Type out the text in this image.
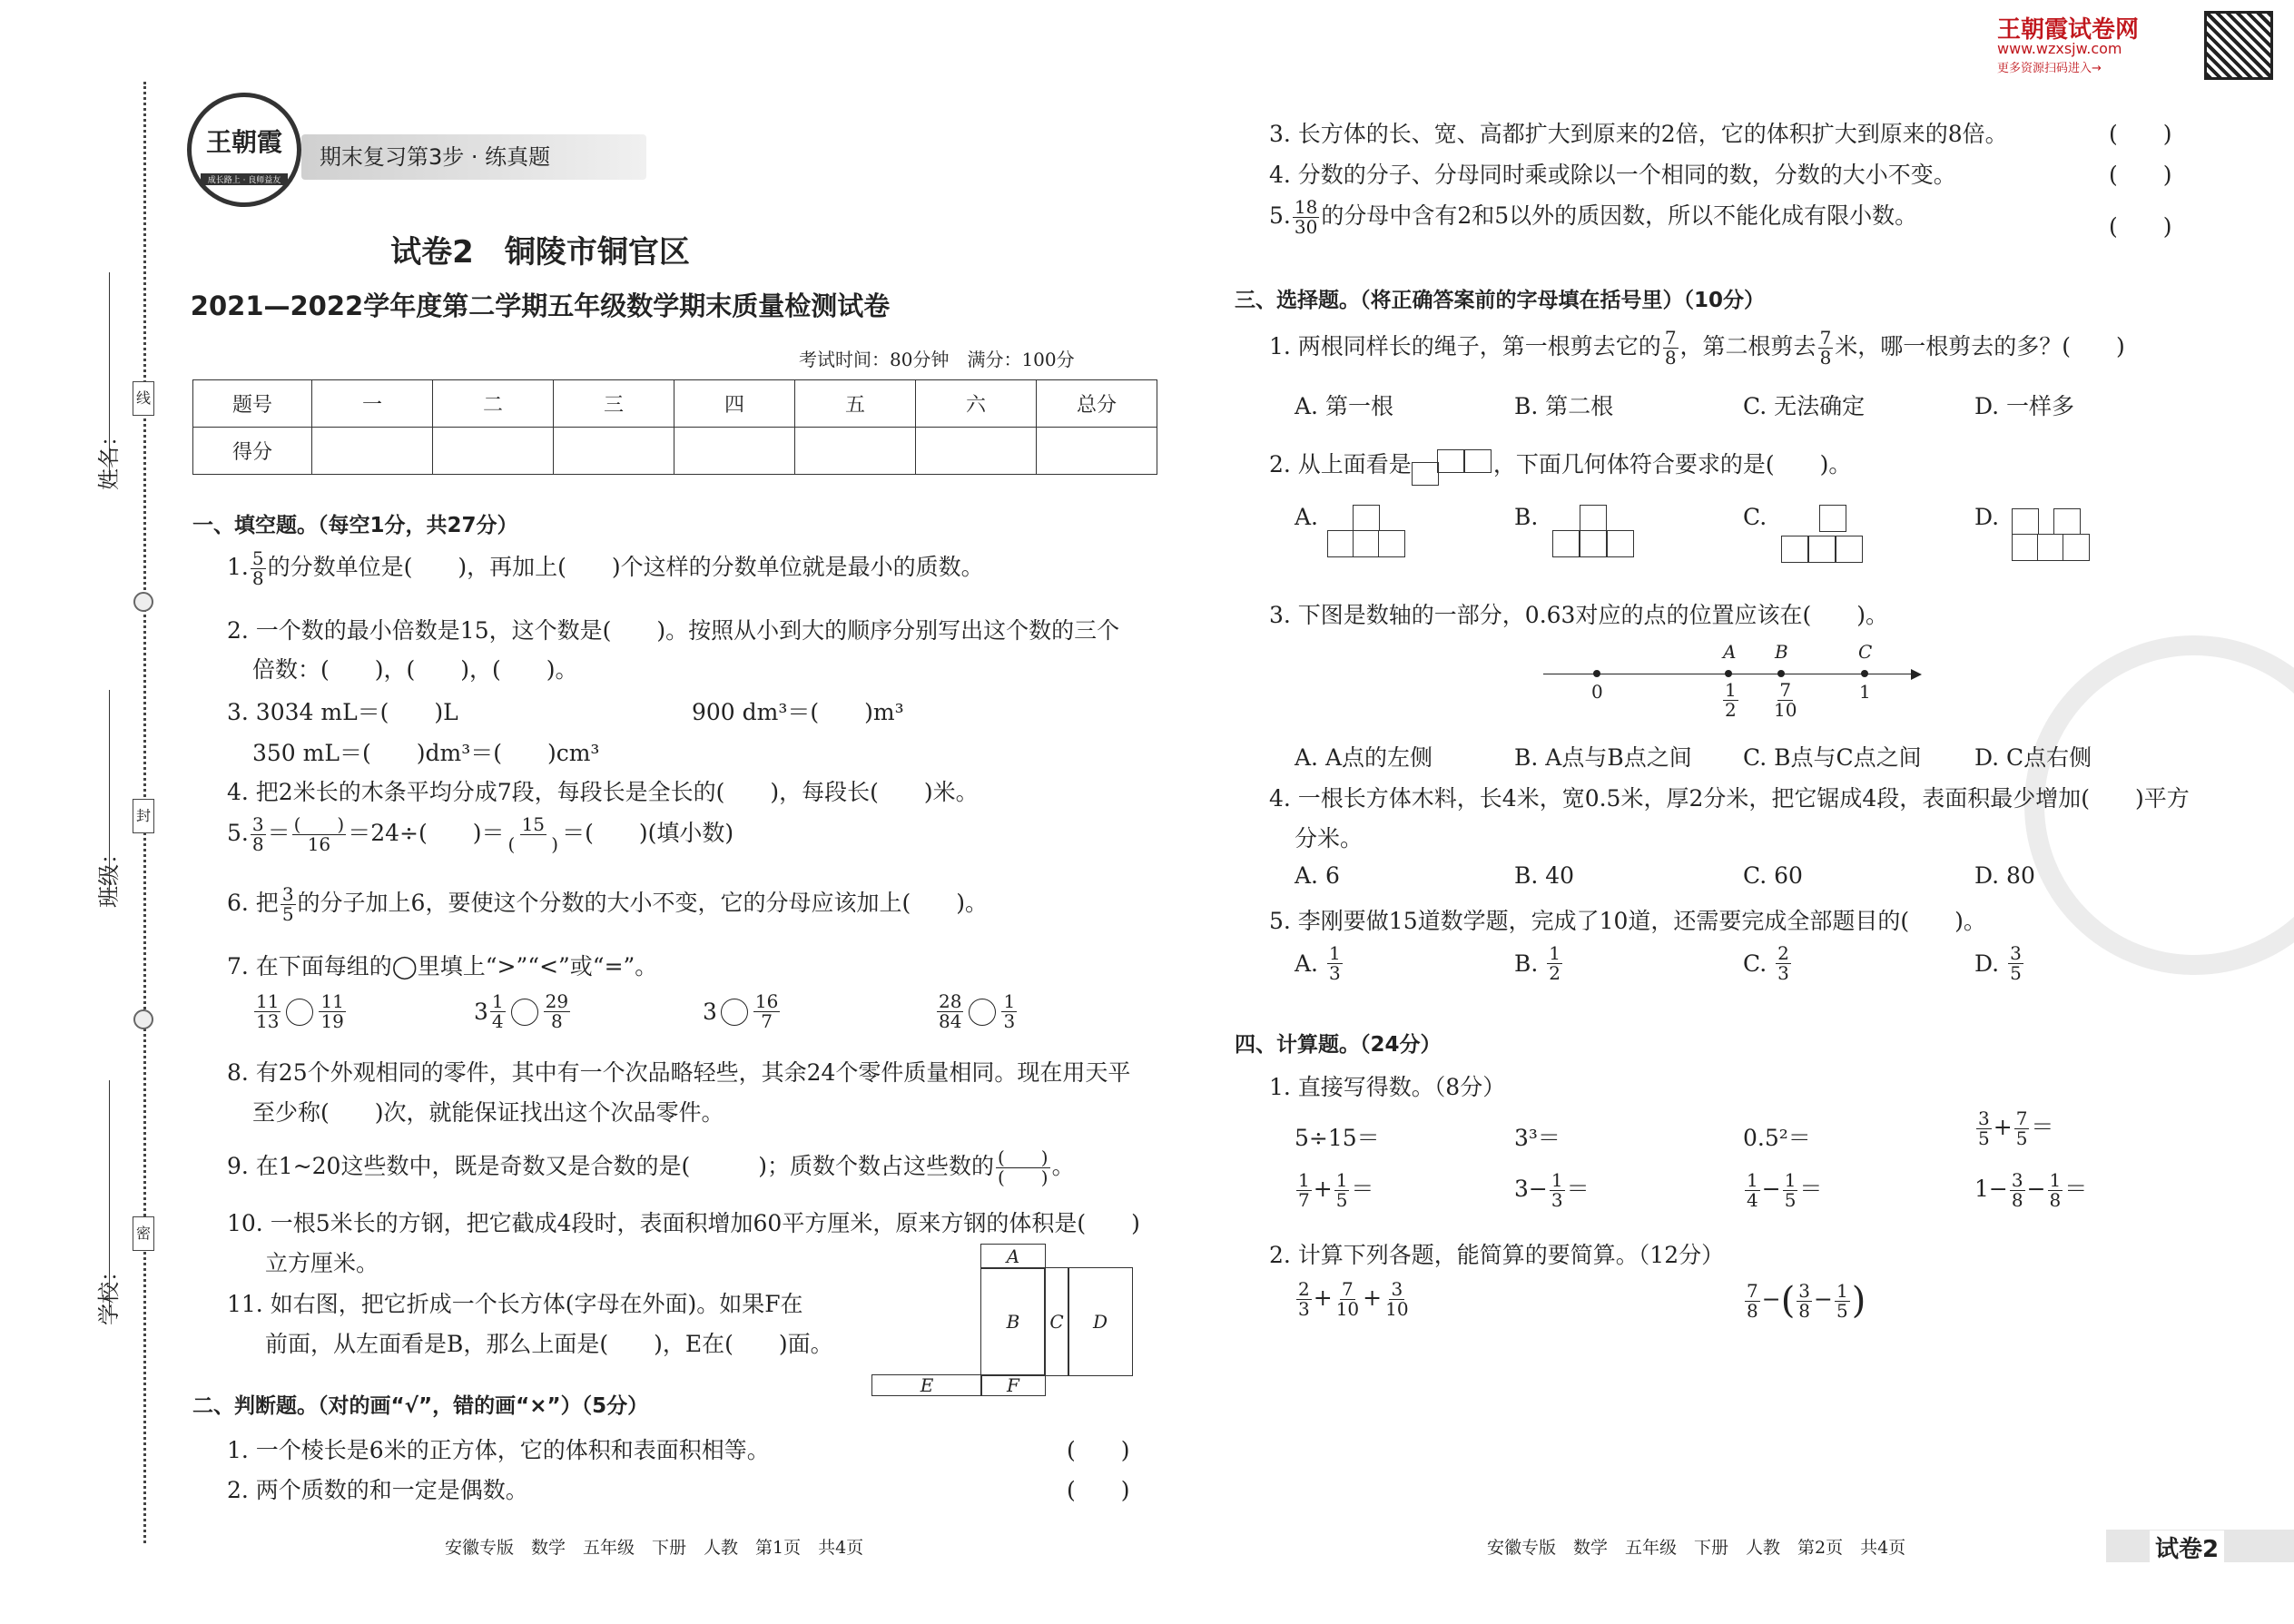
线
封
密
姓名：
班级：
学校：
王朝霞
成长路上 · 良师益友
期末复习第3步 · 练真题
王朝霞试卷网
www.wzxsjw.com
更多资源扫码进入→
试卷2　铜陵市铜官区
2021—2022学年度第二学期五年级数学期末质量检测试卷
考试时间：80分钟　满分：100分
题号	一	二	三	四	五	六	总分
得分							
一、填空题。（每空1分，共27分）
1. $\frac{5}{8}$ 的分数单位是(　　)，再加上(　　)个这样的分数单位就是最小的质数。
2. 一个数的最小倍数是15，这个数是(　　)。按照从小到大的顺序分别写出这个数的三个
倍数：(　　)，(　　)，(　　)。
3. 3034 mL＝(　　)L	900 dm³＝(　　)m³
350 mL＝(　　)dm³＝(　　)cm³
4. 把2米长的木条平均分成7段，每段长是全长的(　　)，每段长(　　)米。
5. $\frac{3}{8} = \frac{( )}{16} =24\div$(　　)＝ $\frac{15}{( )}$ ＝(　　)(填小数)
6. 把 $\frac{3}{5}$ 的分子加上6，要使这个分数的大小不变，它的分母应该加上(　　)。
7. 在下面每组的◯里填上“>”“<”或“=”。
$\frac{11}{13} \frac{11}{19}$	$3 \frac{1}{4} \frac{29}{8}$	$3 \frac{16}{7}$	$\frac{28}{84} \frac{1}{3}$
8. 有25个外观相同的零件，其中有一个次品略轻些，其余24个零件质量相同。现在用天平
至少称(　　)次，就能保证找出这个次品零件。
9. 在1~20这些数中，既是奇数又是合数的是(　　　)；质数个数占这些数的 $\frac{( )}{( )}$ 。
10. 一根5米长的方钢，把它截成4段时，表面积增加60平方厘米，原来方钢的体积是(　　)
立方厘米。
11. 如右图，把它折成一个长方体(字母在外面)。如果F在
前面，从左面看是B，那么上面是(　　)，E在(　　)面。
A
B	C	D
E	F
二、判断题。（对的画“√”，错的画“×”）（5分）
1. 一个棱长是6米的正方体，它的体积和表面积相等。	(　　)
2. 两个质数的和一定是偶数。	(　　)
3. 长方体的长、宽、高都扩大到原来的2倍，它的体积扩大到原来的8倍。	(　　)
4. 分数的分子、分母同时乘或除以一个相同的数，分数的大小不变。	(　　)
5. $\frac{18}{30}$ 的分母中含有2和5以外的质因数，所以不能化成有限小数。	(　　)
三、选择题。（将正确答案前的字母填在括号里）（10分）
1. 两根同样长的绳子，第一根剪去它的 $\frac{7}{8}$ ，第二根剪去 $\frac{7}{8}$ 米，哪一根剪去的多？(　　)
A. 第一根	B. 第二根	C. 无法确定	D. 一样多
2. 从上面看是	，下面几何体符合要求的是(　　)。
A.	B.	C.	D.
3. 下图是数轴的一部分，0.63对应的点的位置应该在(　　)。
A B	C
0	$\frac{1}{2} \frac{7}{10}$	1
A. A点的左侧	B. A点与B点之间 C. B点与C点之间 D. C点右侧
4. 一根长方体木料，长4米，宽0.5米，厚2分米，把它锯成4段，表面积最少增加(　　)平方
分米。
A. 6	B. 40	C. 60	D. 80
5. 李刚要做15道数学题，完成了10道，还需要完成全部题目的(　　)。
A. $\frac{1}{3}$	B. $\frac{1}{2}$	C. $\frac{2}{3}$	D. $\frac{3}{5}$
四、计算题。（24分）
1. 直接写得数。（8分）
5÷15＝	3³＝	0.5²＝	$\frac{3}{5} + \frac{7}{5}$ ＝
$\frac{1}{7} + \frac{1}{5}$ ＝	$3- \frac{1}{3}$ ＝	$\frac{1}{4} - \frac{1}{5}$ ＝	$1- \frac{3}{8} - \frac{1}{8}$ ＝
2. 计算下列各题，能简算的要简算。（12分）
$\frac{2}{3} + \frac{7}{10} + \frac{3}{10}$	$\frac{7}{8}$ −( $\frac{3}{8} - \frac{1}{5}$ )
安徽专版　数学　五年级　下册　人教　第1页　共4页	安徽专版　数学　五年级　下册　人教　第2页　共4页	试卷2
